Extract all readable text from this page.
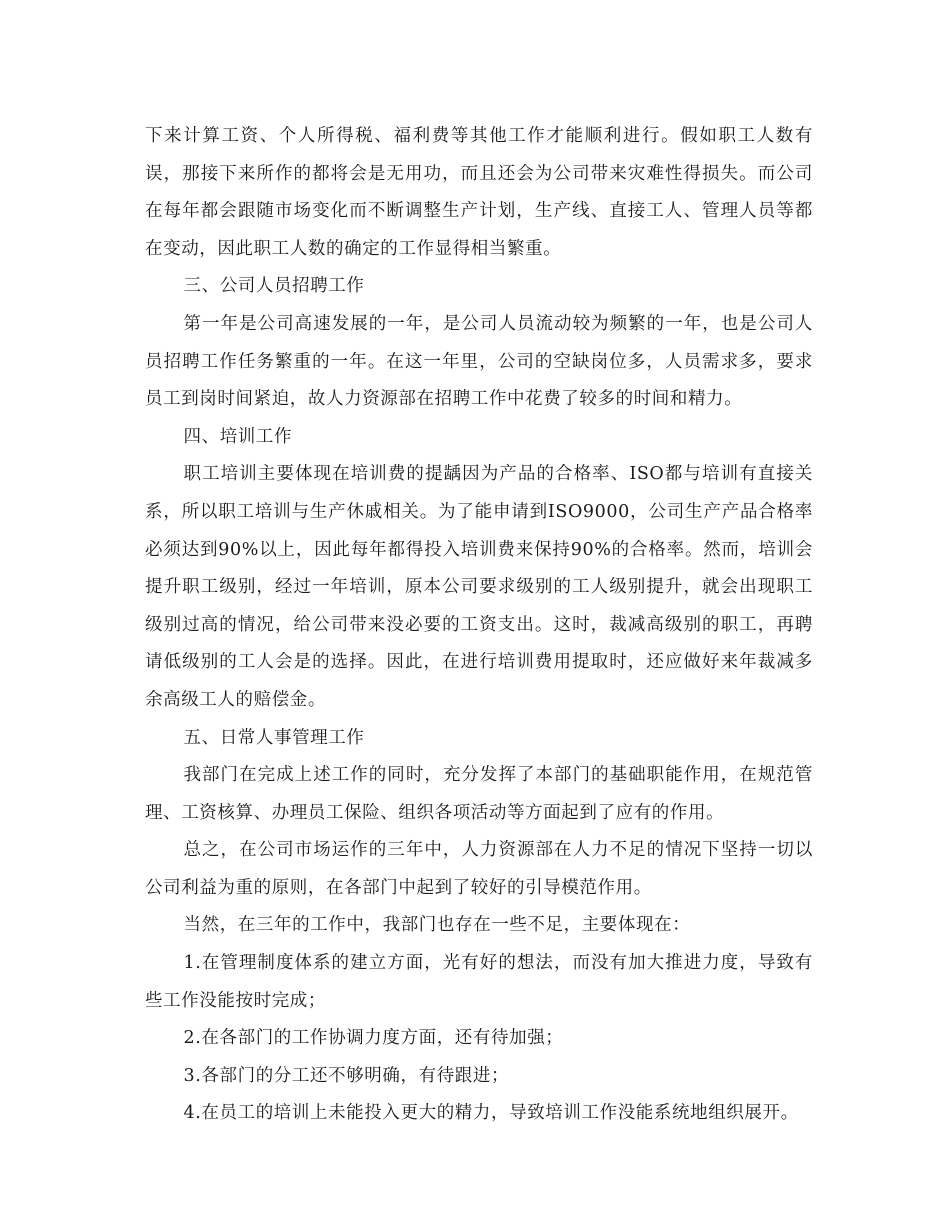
下来计算工资、个人所得税、福利费等其他工作才能顺利进行。假如职工人数有误，那接下来所作的都将会是无用功，而且还会为公司带来灾难性得损失。而公司在每年都会跟随市场变化而不断调整生产计划，生产线、直接工人、管理人员等都在变动，因此职工人数的确定的工作显得相当繁重。

三、公司人员招聘工作

第一年是公司高速发展的一年，是公司人员流动较为频繁的一年，也是公司人员招聘工作任务繁重的一年。在这一年里，公司的空缺岗位多，人员需求多，要求员工到岗时间紧迫，故人力资源部在招聘工作中花费了较多的时间和精力。

四、培训工作

职工培训主要体现在培训费的提龋因为产品的合格率、ISO都与培训有直接关系，所以职工培训与生产休戚相关。为了能申请到ISO9000，公司生产产品合格率必须达到90%以上，因此每年都得投入培训费来保持90%的合格率。然而，培训会提升职工级别，经过一年培训，原本公司要求级别的工人级别提升，就会出现职工级别过高的情况，给公司带来没必要的工资支出。这时，裁减高级别的职工，再聘请低级别的工人会是的选择。因此，在进行培训费用提取时，还应做好来年裁减多余高级工人的赔偿金。

五、日常人事管理工作

我部门在完成上述工作的同时，充分发挥了本部门的基础职能作用，在规范管理、工资核算、办理员工保险、组织各项活动等方面起到了应有的作用。

总之，在公司市场运作的三年中，人力资源部在人力不足的情况下坚持一切以公司利益为重的原则，在各部门中起到了较好的引导模范作用。

当然，在三年的工作中，我部门也存在一些不足，主要体现在：

1.在管理制度体系的建立方面，光有好的想法，而没有加大推进力度，导致有些工作没能按时完成；

2.在各部门的工作协调力度方面，还有待加强；

3.各部门的分工还不够明确，有待跟进；

4.在员工的培训上未能投入更大的精力，导致培训工作没能系统地组织展开。
